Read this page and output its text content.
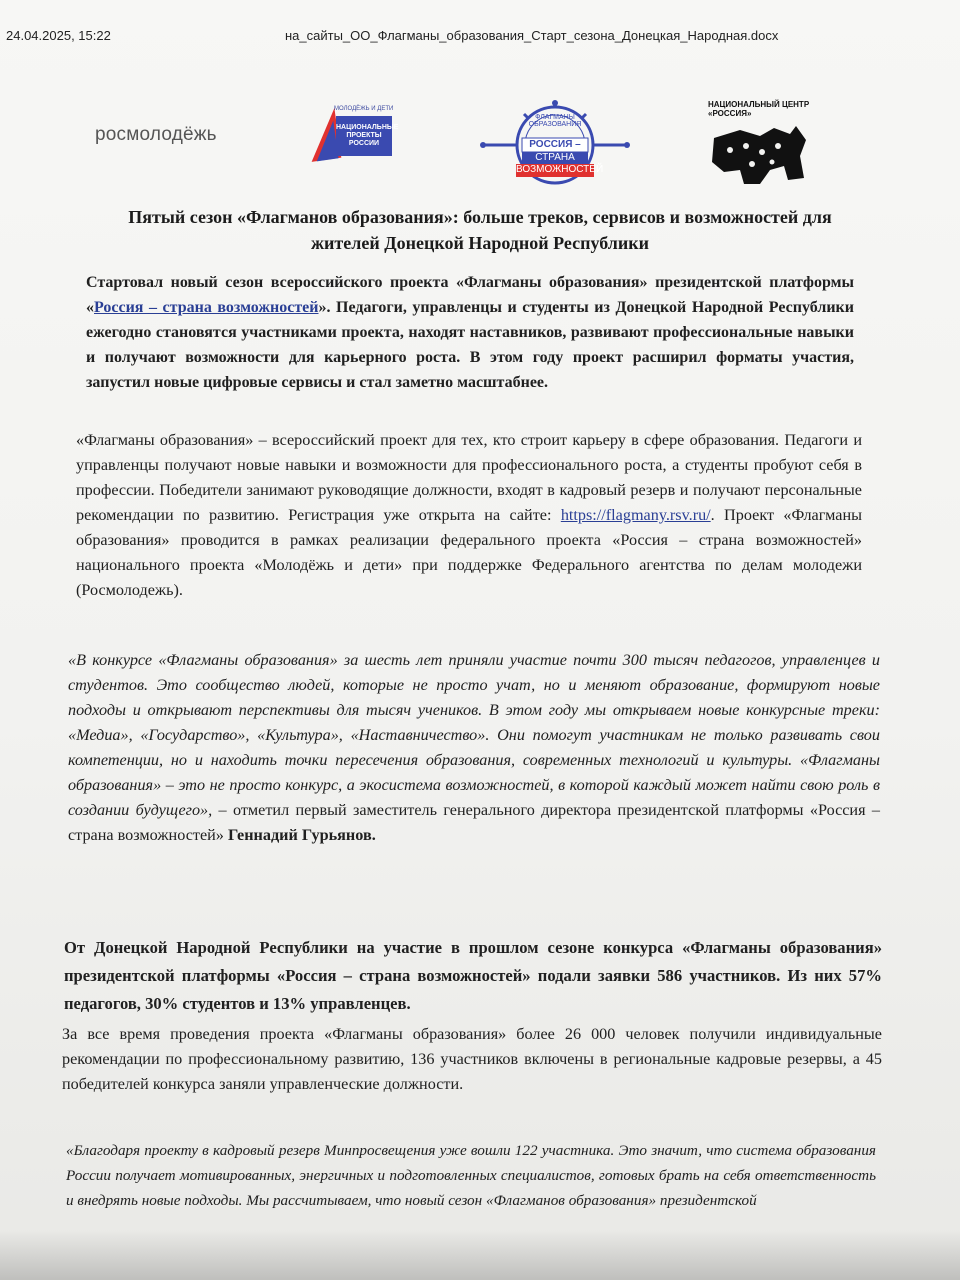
24.04.2025, 15:22	на_сайты_ОО_Флагманы_образования_Старт_сезона_Донецкая_Народная.docx
росмолодёжь
МОЛОДЁЖЬ И ДЕТИ
НАЦИОНАЛЬНЫЕ ПРОЕКТЫ РОССИИ
ФЛАГМАНЫ ОБРАЗОВАНИЯ
РОССИЯ –
СТРАНА
ВОЗМОЖНОСТЕЙ
НАЦИОНАЛЬНЫЙ ЦЕНТР «РОССИЯ»
Пятый сезон «Флагманов образования»: больше треков, сервисов и возможностей для жителей Донецкой Народной Республики
Стартовал новый сезон всероссийского проекта «Флагманы образования» президентской платформы «Россия – страна возможностей». Педагоги, управленцы и студенты из Донецкой Народной Республики ежегодно становятся участниками проекта, находят наставников, развивают профессиональные навыки и получают возможности для карьерного роста. В этом году проект расширил форматы участия, запустил новые цифровые сервисы и стал заметно масштабнее.
«Флагманы образования» – всероссийский проект для тех, кто строит карьеру в сфере образования. Педагоги и управленцы получают новые навыки и возможности для профессионального роста, а студенты пробуют себя в профессии. Победители занимают руководящие должности, входят в кадровый резерв и получают персональные рекомендации по развитию. Регистрация уже открыта на сайте: https://flagmany.rsv.ru/. Проект «Флагманы образования» проводится в рамках реализации федерального проекта «Россия – страна возможностей» национального проекта «Молодёжь и дети» при поддержке Федерального агентства по делам молодежи (Росмолодежь).
«В конкурсе «Флагманы образования» за шесть лет приняли участие почти 300 тысяч педагогов, управленцев и студентов. Это сообщество людей, которые не просто учат, но и меняют образование, формируют новые подходы и открывают перспективы для тысяч учеников. В этом году мы открываем новые конкурсные треки: «Медиа», «Государство», «Культура», «Наставничество». Они помогут участникам не только развивать свои компетенции, но и находить точки пересечения образования, современных технологий и культуры. «Флагманы образования» – это не просто конкурс, а экосистема возможностей, в которой каждый может найти свою роль в создании будущего», – отметил первый заместитель генерального директора президентской платформы «Россия – страна возможностей» Геннадий Гурьянов.
От Донецкой Народной Республики на участие в прошлом сезоне конкурса «Флагманы образования» президентской платформы «Россия – страна возможностей» подали заявки 586 участников. Из них 57% педагогов, 30% студентов и 13% управленцев.
За все время проведения проекта «Флагманы образования» более 26 000 человек получили индивидуальные рекомендации по профессиональному развитию, 136 участников включены в региональные кадровые резервы, а 45 победителей конкурса заняли управленческие должности.
«Благодаря проекту в кадровый резерв Минпросвещения уже вошли 122 участника. Это значит, что система образования России получает мотивированных, энергичных и подготовленных специалистов, готовых брать на себя ответственность и внедрять новые подходы. Мы рассчитываем, что новый сезон «Флагманов образования» президентской
